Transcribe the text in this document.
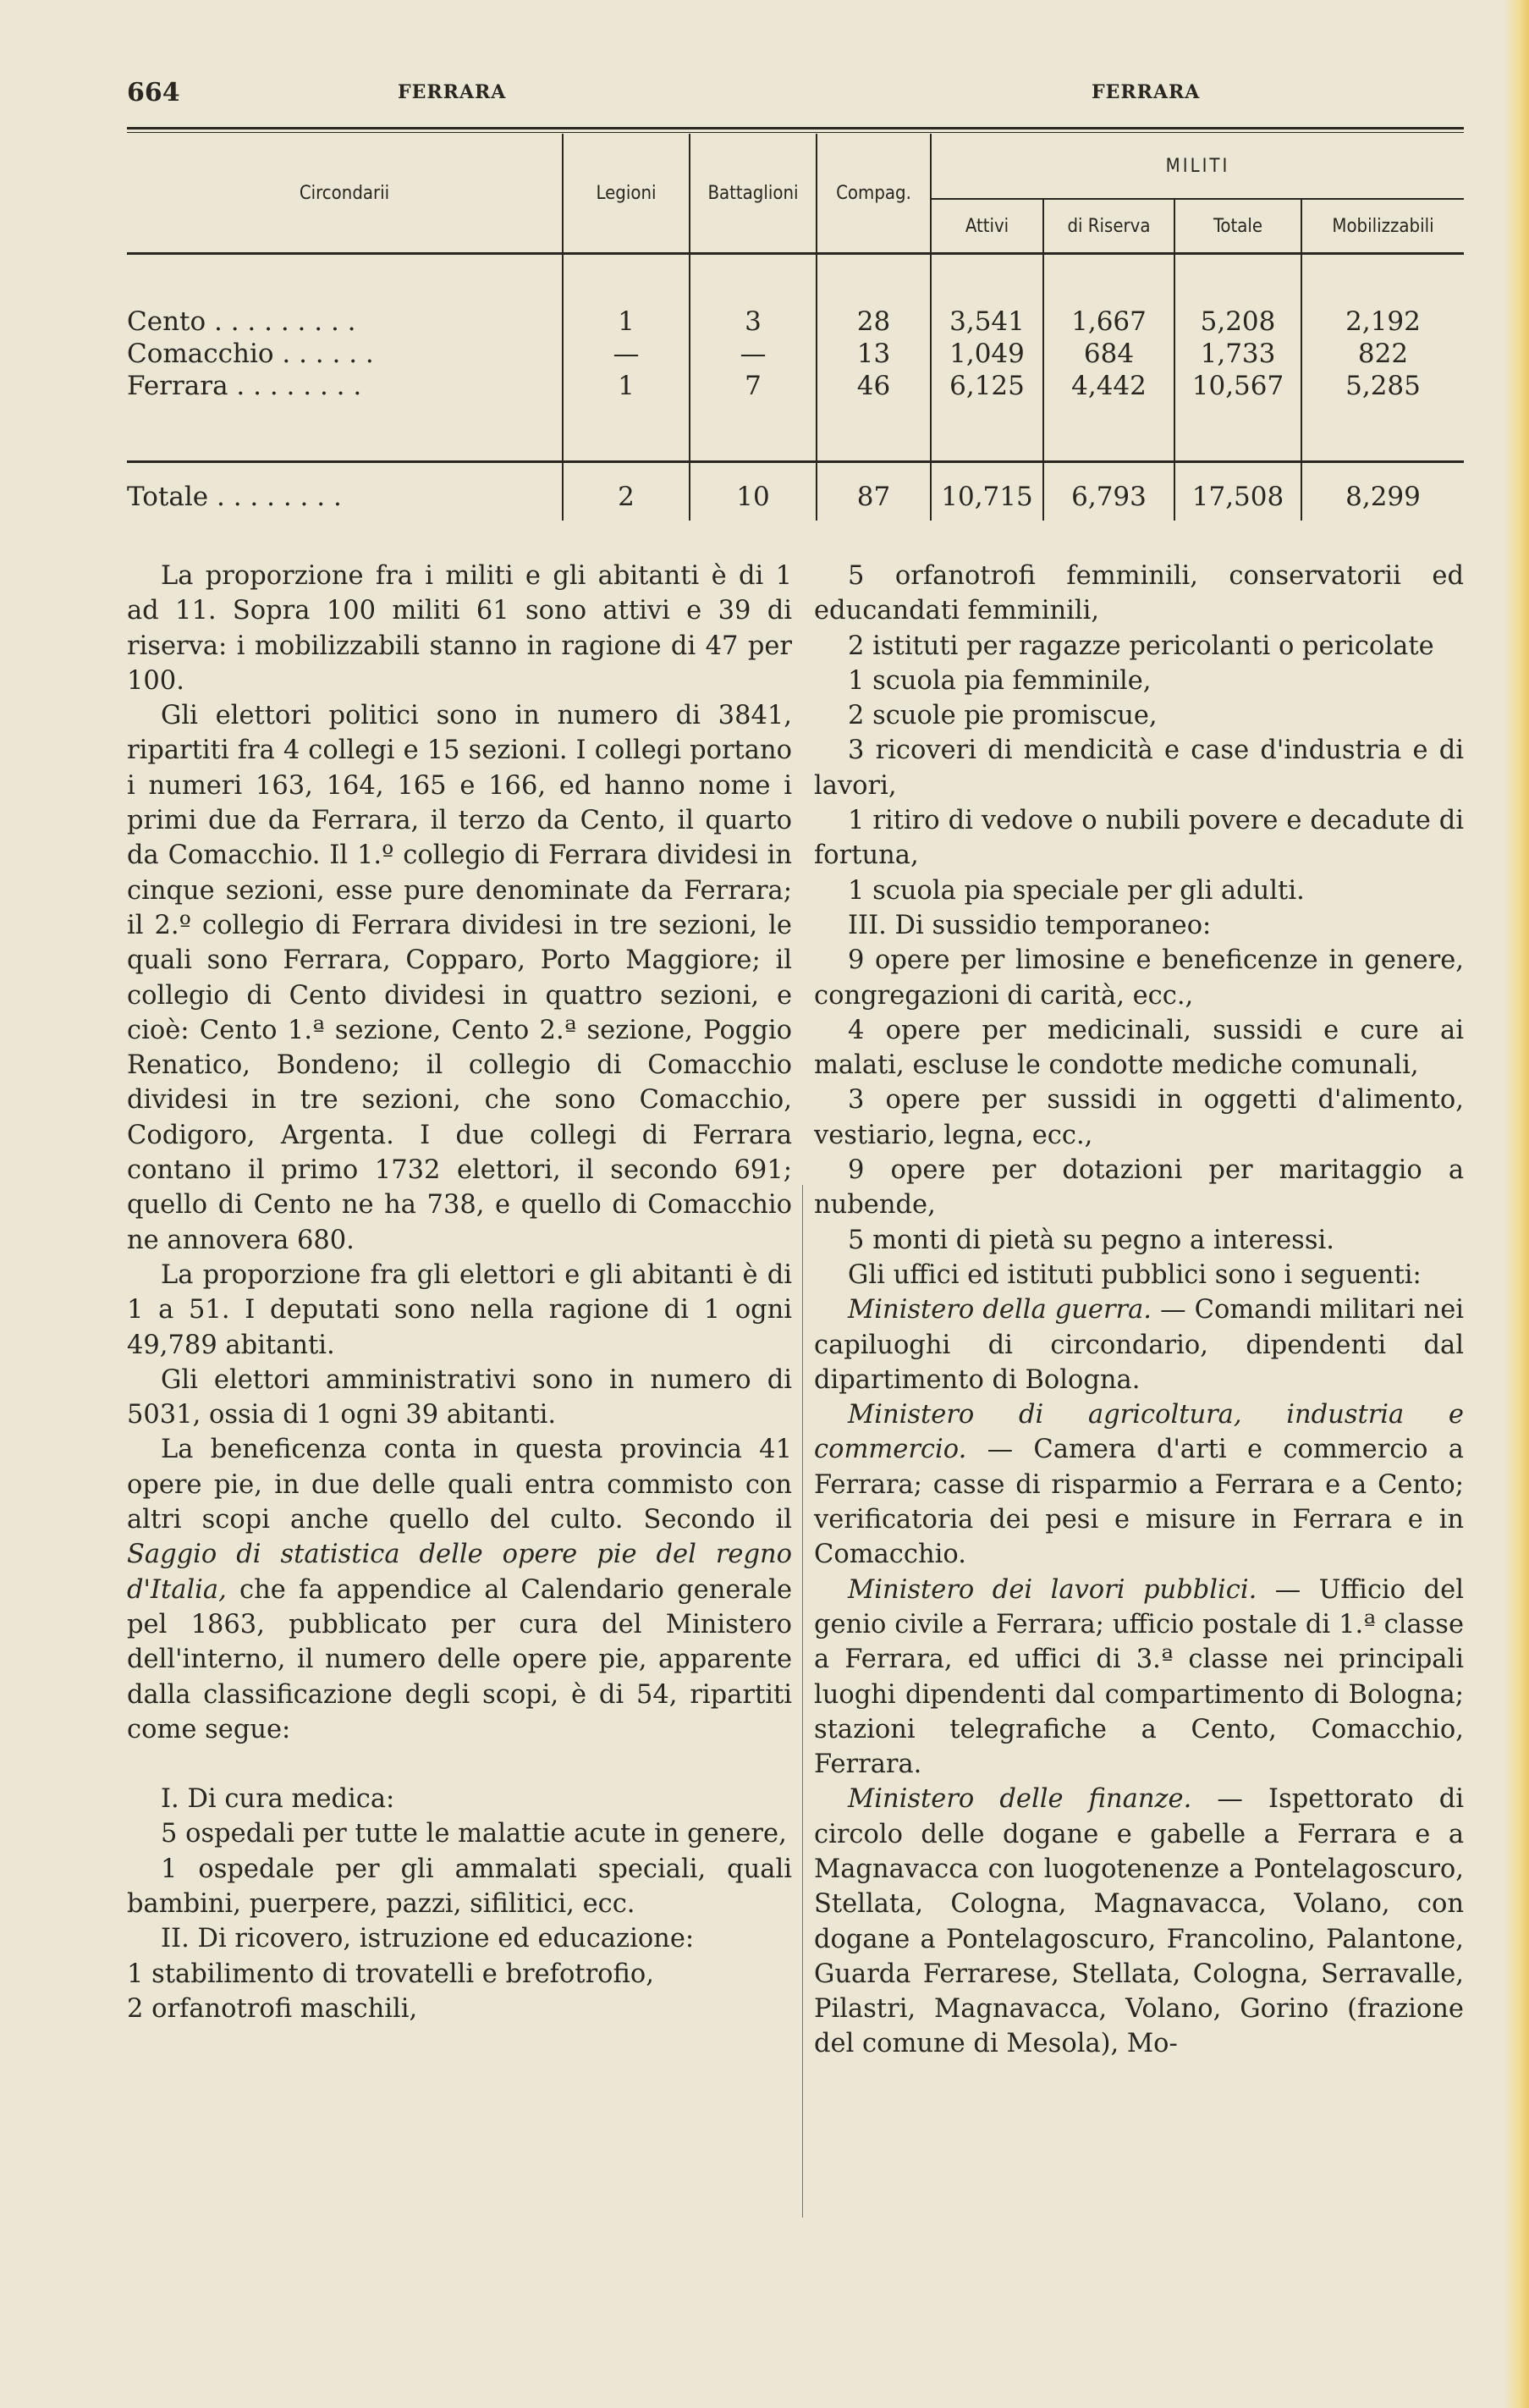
664	FERRARA	FERRARA
Circondarii	Legioni	Battaglioni	Compag.	MILITI			
				Attivi	di Riserva	Totale	Mobilizzabili

Cento . . . . . . . . .	1	3	28	3,541	1,667	5,208	2,192
Comacchio . . . . . .	—	—	13	1,049	684	1,733	822
Ferrara . . . . . . . .	1	7	46	6,125	4,442	10,567	5,285

Totale . . . . . . . .	2	10	87	10,715	6,793	17,508	8,299

La proporzione fra i militi e gli abitanti è di 1 ad 11. Sopra 100 militi 61 sono attivi e 39 di riserva: i mobilizzabili stanno in ragione di 47 per 100.

Gli elettori politici sono in numero di 3841, ripartiti fra 4 collegi e 15 sezioni. I collegi portano i numeri 163, 164, 165 e 166, ed hanno nome i primi due da Ferrara, il terzo da Cento, il quarto da Comacchio. Il 1.º collegio di Ferrara dividesi in cinque sezioni, esse pure denominate da Ferrara; il 2.º collegio di Ferrara dividesi in tre sezioni, le quali sono Ferrara, Copparo, Porto Maggiore; il collegio di Cento dividesi in quattro sezioni, e cioè: Cento 1.ª sezione, Cento 2.ª sezione, Poggio Renatico, Bondeno; il collegio di Comacchio dividesi in tre sezioni, che sono Comacchio, Codigoro, Argenta. I due collegi di Ferrara contano il primo 1732 elettori, il secondo 691; quello di Cento ne ha 738, e quello di Comacchio ne annovera 680.

La proporzione fra gli elettori e gli abitanti è di 1 a 51. I deputati sono nella ragione di 1 ogni 49,789 abitanti.

Gli elettori amministrativi sono in numero di 5031, ossia di 1 ogni 39 abitanti.

La beneficenza conta in questa provincia 41 opere pie, in due delle quali entra commisto con altri scopi anche quello del culto. Secondo il Saggio di statistica delle opere pie del regno d'Italia, che fa appendice al Calendario generale pel 1863, pubblicato per cura del Ministero dell'interno, il numero delle opere pie, apparente dalla classificazione degli scopi, è di 54, ripartiti come segue:

I. Di cura medica:

5 ospedali per tutte le malattie acute in genere,

1 ospedale per gli ammalati speciali, quali bambini, puerpere, pazzi, sifilitici, ecc.

II. Di ricovero, istruzione ed educazione:

1 stabilimento di trovatelli e brefotrofio,

2 orfanotrofi maschili,

5 orfanotrofi femminili, conservatorii ed educandati femminili,

2 istituti per ragazze pericolanti o pericolate

1 scuola pia femminile,

2 scuole pie promiscue,

3 ricoveri di mendicità e case d'industria e di lavori,

1 ritiro di vedove o nubili povere e decadute di fortuna,

1 scuola pia speciale per gli adulti.

III. Di sussidio temporaneo:

9 opere per limosine e beneficenze in genere, congregazioni di carità, ecc.,

4 opere per medicinali, sussidi e cure ai malati, escluse le condotte mediche comunali,

3 opere per sussidi in oggetti d'alimento, vestiario, legna, ecc.,

9 opere per dotazioni per maritaggio a nubende,

5 monti di pietà su pegno a interessi.

Gli uffici ed istituti pubblici sono i seguenti:

Ministero della guerra. — Comandi militari nei capiluoghi di circondario, dipendenti dal dipartimento di Bologna.

Ministero di agricoltura, industria e commercio. — Camera d'arti e commercio a Ferrara; casse di risparmio a Ferrara e a Cento; verificatoria dei pesi e misure in Ferrara e in Comacchio.

Ministero dei lavori pubblici. — Ufficio del genio civile a Ferrara; ufficio postale di 1.ª classe a Ferrara, ed uffici di 3.ª classe nei principali luoghi dipendenti dal compartimento di Bologna; stazioni telegrafiche a Cento, Comacchio, Ferrara.

Ministero delle finanze. — Ispettorato di circolo delle dogane e gabelle a Ferrara e a Magnavacca con luogotenenze a Pontelagoscuro, Stellata, Cologna, Magnavacca, Volano, con dogane a Pontelagoscuro, Francolino, Palantone, Guarda Ferrarese, Stellata, Cologna, Serravalle, Pilastri, Magnavacca, Volano, Gorino (frazione del comune di Mesola), Mo-
